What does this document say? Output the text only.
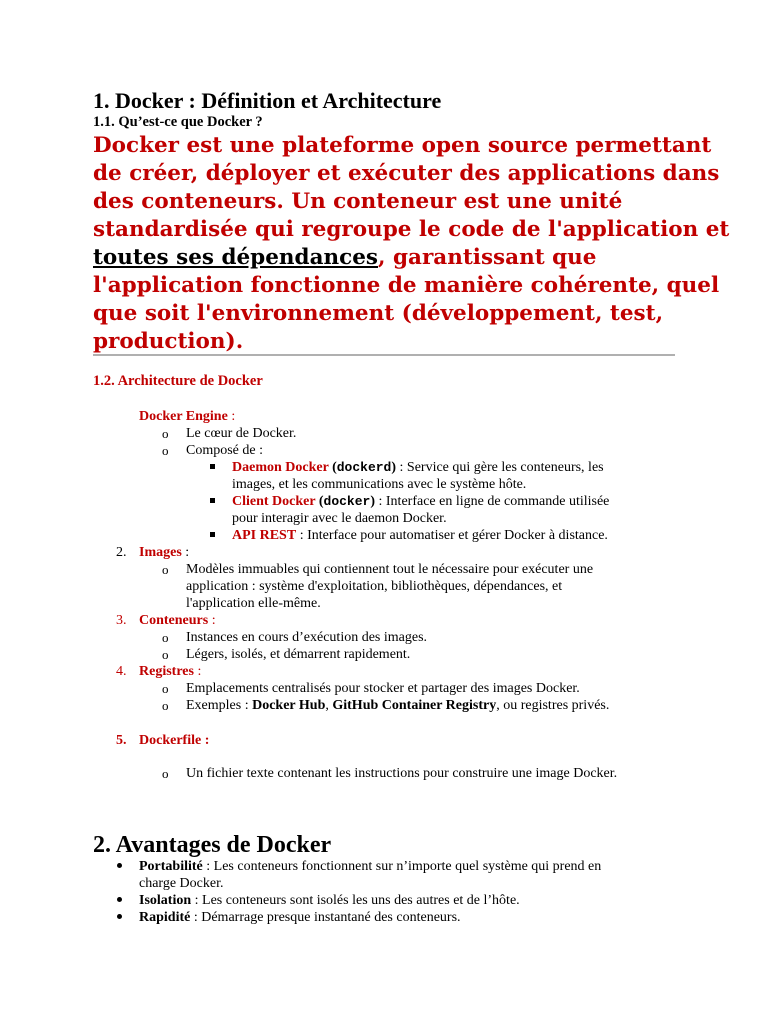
1. Docker : Définition et Architecture
1.1. Qu’est-ce que Docker ?
Docker est une plateforme open source permettant
de créer, déployer et exécuter des applications dans
des conteneurs. Un conteneur est une unité
standardisée qui regroupe le code de l'application et
toutes ses dépendances, garantissant que
l'application fonctionne de manière cohérente, quel
que soit l'environnement (développement, test,
production).
1.2. Architecture de Docker
Docker Engine :
o Le cœur de Docker.
o Composé de :
Daemon Docker (dockerd) : Service qui gère les conteneurs, les
images, et les communications avec le système hôte.
Client Docker (docker) : Interface en ligne de commande utilisée
pour interagir avec le daemon Docker.
API REST : Interface pour automatiser et gérer Docker à distance.
2. Images :
o Modèles immuables qui contiennent tout le nécessaire pour exécuter une
application : système d'exploitation, bibliothèques, dépendances, et
l'application elle-même.
3. Conteneurs :
o Instances en cours d’exécution des images.
o Légers, isolés, et démarrent rapidement.
4. Registres :
o Emplacements centralisés pour stocker et partager des images Docker.
o Exemples : Docker Hub, GitHub Container Registry, ou registres privés.
5. Dockerfile :
o Un fichier texte contenant les instructions pour construire une image Docker.
2. Avantages de Docker
Portabilité : Les conteneurs fonctionnent sur n’importe quel système qui prend en
charge Docker.
Isolation : Les conteneurs sont isolés les uns des autres et de l’hôte.
Rapidité : Démarrage presque instantané des conteneurs.
